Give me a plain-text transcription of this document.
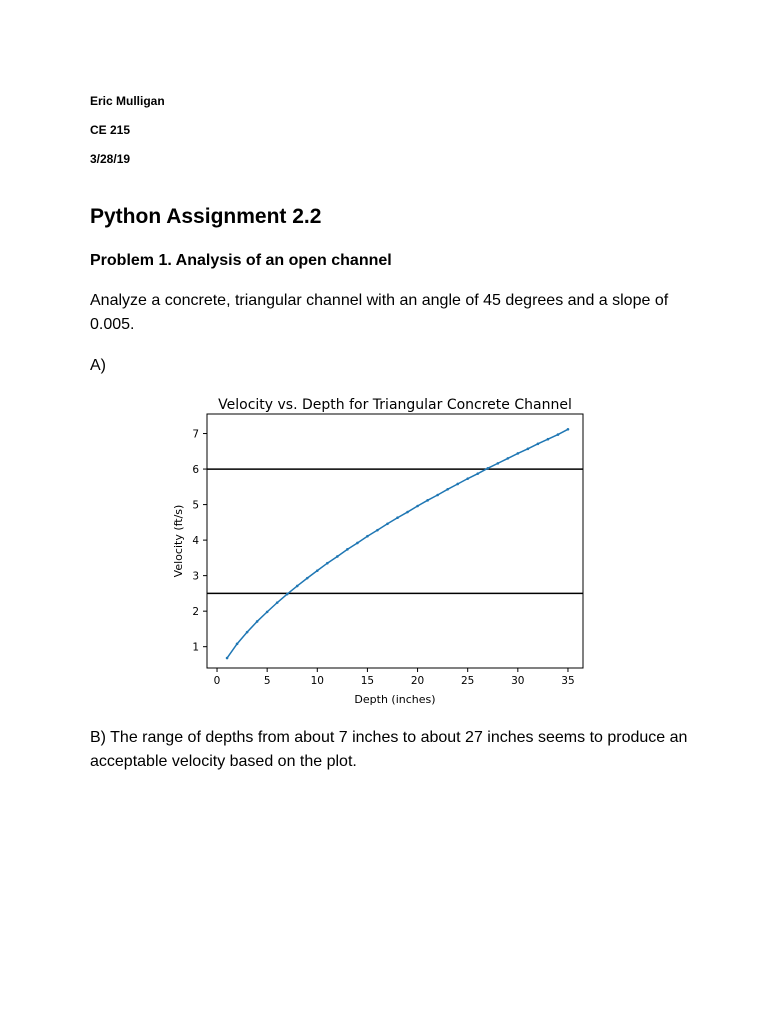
Eric Mulligan
CE 215
3/28/19
Python Assignment 2.2
Problem 1. Analysis of an open channel
Analyze a concrete, triangular channel with an angle of 45 degrees and a slope of 0.005.
A)
Velocity vs. Depth for Triangular Concrete Channel
0	5	10	15	20	25	30	35
1
2
3
4
5
6
7
Depth (inches)
Velocity (ft/s)
B) The range of depths from about 7 inches to about 27 inches seems to produce an acceptable velocity based on the plot.
